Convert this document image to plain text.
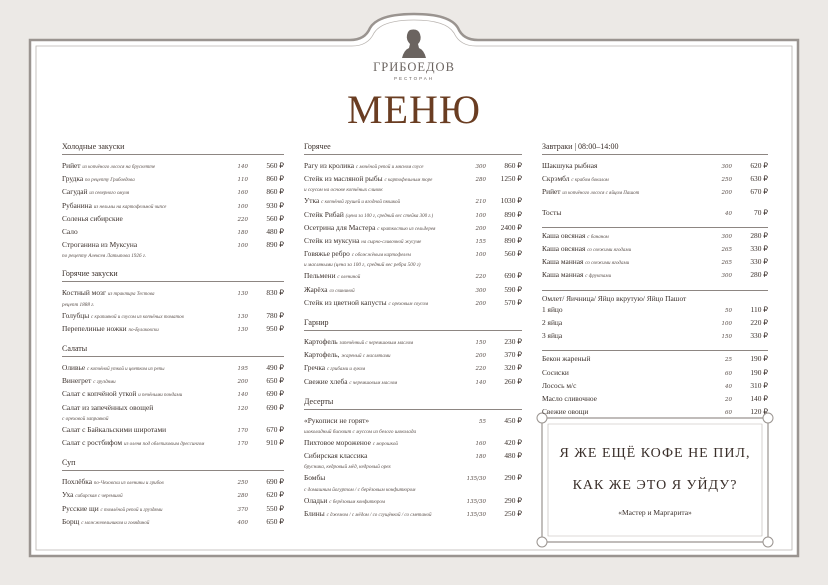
ГРИБОЕДОВ
РЕСТОРАН
МЕНЮ
Холодные закуски
Рийет из копчёного лосося на брускетте	140	560 ₽
Грудка по рецепту Грибоедова	110	860 ₽
Сагудай из северного омуля	160	860 ₽
Рубанина из нельмы на картофельной чипсе	100	930 ₽
Соленья сибирские	220	560 ₽
Сало	180	480 ₽
Строганина из Муксуна	100	890 ₽
по рецепту Алексея Латыпова 1926 г.
Горячие закуски
Костный мозг из трактира Тестова	130	830 ₽
рецепт 1888 г.
Голубцы с крапивной и соусом из копчёных томатов	130	780 ₽
Перепелиные ножки по-Булаковски	130	950 ₽
Салаты
Оливье с копчёной уткой и цветком из репы	195	490 ₽
Винегрет с груздями	200	650 ₽
Салат с копчёной уткой и печёными пондами	140	690 ₽
Салат из запечённых овощей	120	690 ₽
с ореховой заправкой
Салат с Байкальскими широтами	170	670 ₽
Салат с ростбифом из оленя под облепиховым дрессингом	170	910 ₽
Суп
Похлёбка по-Чеховски из оленины и грибов	250	690 ₽
Уха сибирская с черемшой	280	620 ₽
Русские щи с томлёной репой и груздями	370	550 ₽
Борщ с можжевельником и говядиной	400	650 ₽
Горячее
Рагу из кролика с мочёной репой и мясном соусе	300	860 ₽
Стейк из масляной рыбы с картофельным пюре	280	1250 ₽
и соусом на основе копчёных сливок
Утка с копчёной грушей и ягодной пюшкой	210	1030 ₽
Стейк Рибай (цена за 100 г, средний вес стейка 300 г.)	100	890 ₽
Осетрина для Мастера с краткостью из сельдерея	200	2400 ₽
Стейк из муксуна на сырно-сливочной жусуме	155	890 ₽
Говяжье ребро с обожжёным картофелем	100	560 ₽
и масляными (цена за 100 г, средний вес ребра 500 г)
Пельмени с олениной	220	690 ₽
Жарёха со свининой	300	590 ₽
Стейк из цветной капусты с ореховым соусом	200	570 ₽
Гарнир
Картофель запечённый с черемшовым маслом	150	230 ₽
Картофель, жареный с маслятами	200	370 ₽
Гречка с грибами и луком	220	320 ₽
Свежие хлеба с черемшовым маслом	140	260 ₽
Десерты
«Рукописи не горят»	55	450 ₽
шоколадный бисквит с муссом из белого шоколада
Пихтовое мороженое с морошкой	160	420 ₽
Сибирская классика	180	480 ₽
брусника, кедровый мёд, кедровый орех
Бомбы	135/30	290 ₽
с домашним йогуртом / с берёзовым конфитюром
Оладьи с берёзовым конфитюром	135/30	290 ₽
Блины с джемом / с мёдом / со сгущёнкой / со сметаной	135/30	250 ₽
Завтраки | 08:00–14:00
Шакшука рыбная	300	620 ₽
Скрэмбл с крабом бокалом	250	630 ₽
Рийет из копчёного лосося с яйцом Пашот	200	670 ₽
Тосты	40	70 ₽
Каша овсяная с бананом	300	280 ₽
Каша овсяная со свежими ягодами	265	330 ₽
Каша манная со свежими ягодами	265	330 ₽
Каша манная с фруктами	300	280 ₽
Омлет/ Яичница/ Яйцо вкрутую/ Яйцо Пашот
1 яйцо	50	110 ₽
2 яйца	100	220 ₽
3 яйца	150	330 ₽
Бекон жареный	25	190 ₽
Сосиски	60	190 ₽
Лосось м/с	40	310 ₽
Масло сливочное	20	140 ₽
Свежие овощи	60	120 ₽
Я ЖЕ ЕЩЁ КОФЕ НЕ ПИЛ,
КАК ЖЕ ЭТО Я УЙДУ?
«Мастер и Маргарита»
